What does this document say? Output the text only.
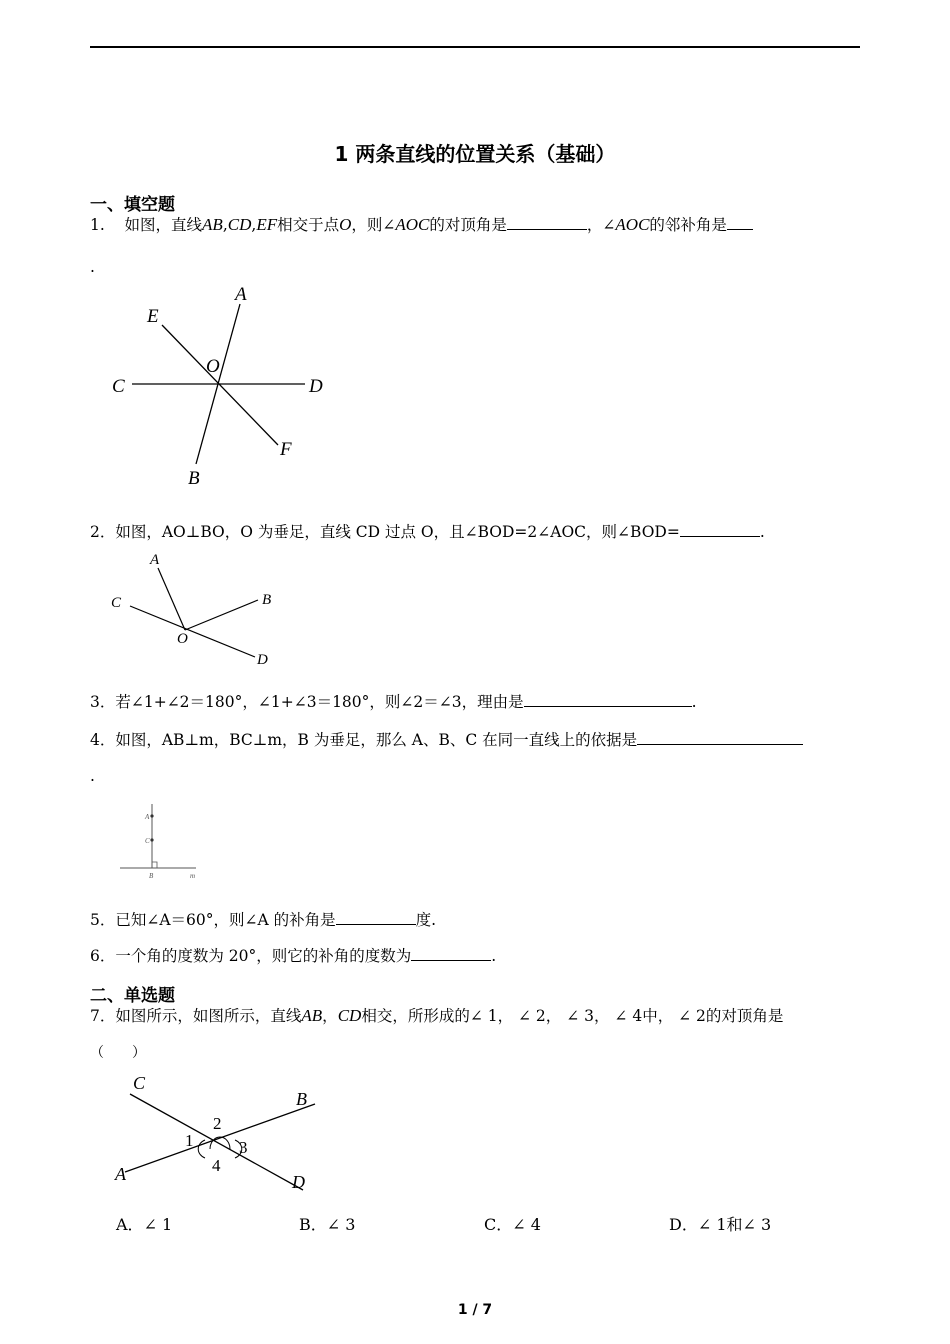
1 两条直线的位置关系（基础）
一、填空题
1. 如图，直线AB,CD,EF相交于点O，则∠AOC的对顶角是	，∠AOC的邻补角是
.
A
B
C	D
E
F
O
2．如图，AO⊥BO，O 为垂足，直线 CD 过点 O，且∠BOD=2∠AOC，则∠BOD=	.
A
B
C
D
O
3．若∠1+∠2＝180°，∠1+∠3＝180°，则∠2＝∠3，理由是	.
4．如图，AB⊥m，BC⊥m，B 为垂足，那么 A、B、C 在同一直线上的依据是
.
A
C
B	m
5．已知∠A＝60°，则∠A 的补角是	度.
6．一个角的度数为 20°，则它的补角的度数为	.
二、单选题
7．如图所示，如图所示，直线AB，CD相交，所形成的∠ 1， ∠ 2， ∠ 3， ∠ 4中， ∠ 2的对顶角是
（　　）
C
B
A	D
1
2
3
4
A．∠ 1	B．∠ 3	C．∠ 4	D．∠ 1和∠ 3
1 / 7
